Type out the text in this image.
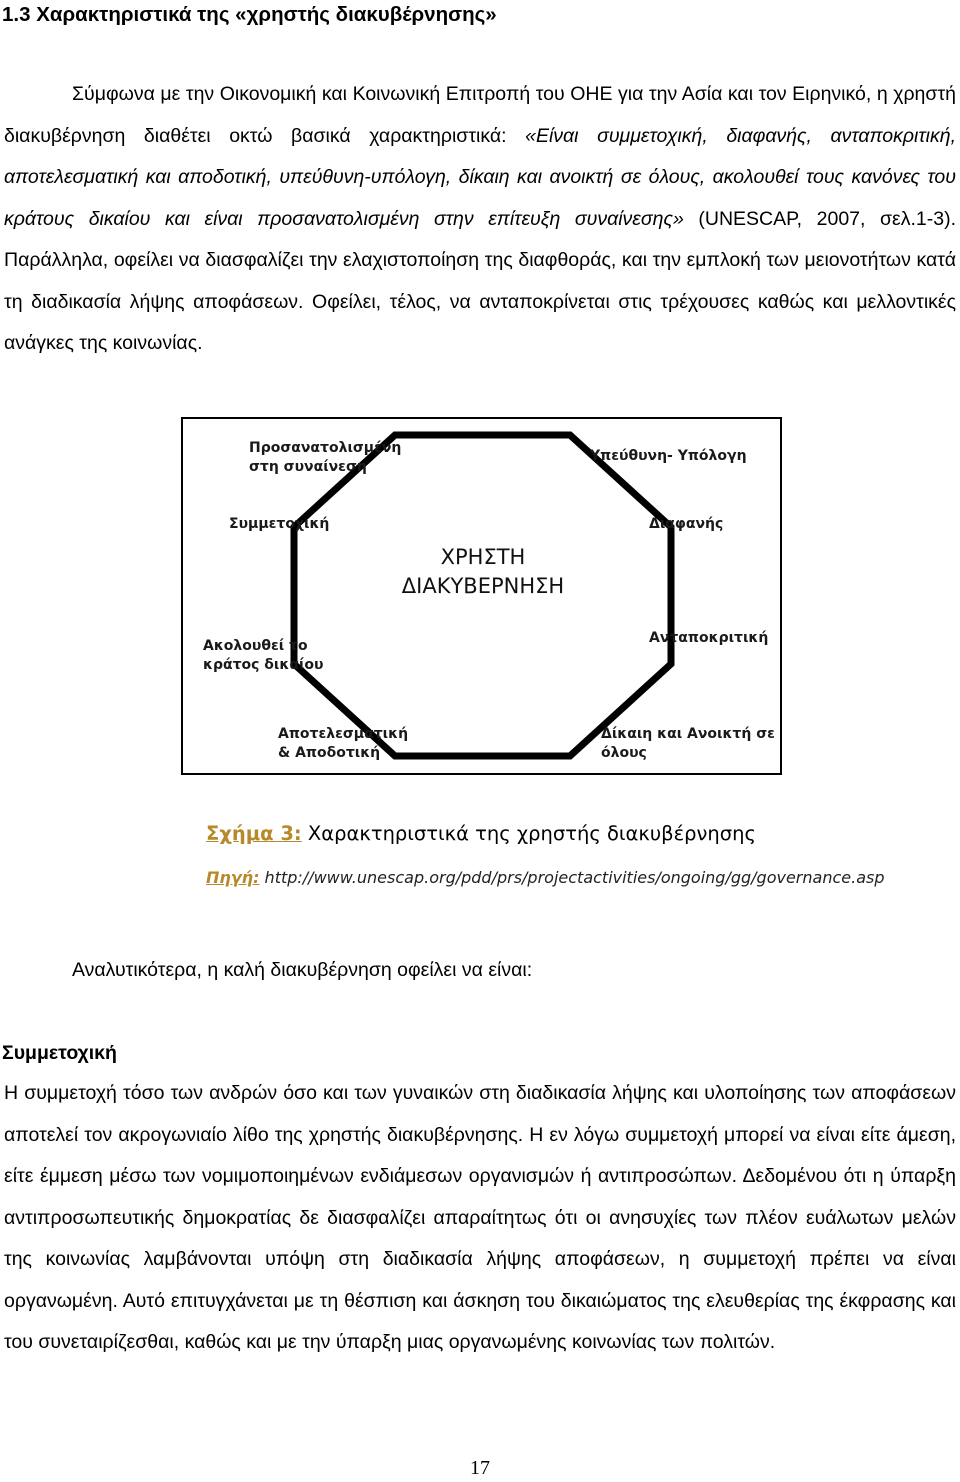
1.3 Χαρακτηριστικά της «χρηστής διακυβέρνησης»

Σύμφωνα με την Οικονομική και Κοινωνική Επιτροπή του ΟΗΕ για την Ασία και τον Ειρηνικό, η χρηστή διακυβέρνηση διαθέτει οκτώ βασικά χαρακτηριστικά: «Είναι συμμετοχική, διαφανής, ανταποκριτική, αποτελεσματική και αποδοτική, υπεύθυνη-υπόλογη, δίκαιη και ανοικτή σε όλους, ακολουθεί τους κανόνες του κράτους δικαίου και είναι προσανατολισμένη στην επίτευξη συναίνεσης» (UNESCAP, 2007, σελ.1-3). Παράλληλα, οφείλει να διασφαλίζει την ελαχιστοποίηση της διαφθοράς, και την εμπλοκή των μειονοτήτων κατά τη διαδικασία λήψης αποφάσεων. Οφείλει, τέλος, να ανταποκρίνεται στις τρέχουσες καθώς και μελλοντικές ανάγκες της κοινωνίας.

ΧΡΗΣΤΗ
ΔΙΑΚΥΒΕΡΝΗΣΗ
Προσανατολισμένη
στη συναίνεση
Υπεύθυνη- Υπόλογη
Συμμετοχική	Διαφανής
Ακολουθεί το
κράτος δικαίου
Ανταποκριτική
Αποτελεσματική
& Αποδοτική
Δίκαιη και Ανοικτή σε
όλους
Σχήμα 3: Χαρακτηριστικά της χρηστής διακυβέρνησης
Πηγή: http://www.unescap.org/pdd/prs/projectactivities/ongoing/gg/governance.asp

Αναλυτικότερα, η καλή διακυβέρνηση οφείλει να είναι:

Συμμετοχική

Η συμμετοχή τόσο των ανδρών όσο και των γυναικών στη διαδικασία λήψης και υλοποίησης των αποφάσεων αποτελεί τον ακρογωνιαίο λίθο της χρηστής διακυβέρνησης. Η εν λόγω συμμετοχή μπορεί να είναι είτε άμεση, είτε έμμεση μέσω των νομιμοποιημένων ενδιάμεσων οργανισμών ή αντιπροσώπων. Δεδομένου ότι η ύπαρξη αντιπροσωπευτικής δημοκρατίας δε διασφαλίζει απαραίτητως ότι οι ανησυχίες των πλέον ευάλωτων μελών της κοινωνίας λαμβάνονται υπόψη στη διαδικασία λήψης αποφάσεων, η συμμετοχή πρέπει να είναι οργανωμένη. Αυτό επιτυγχάνεται με τη θέσπιση και άσκηση του δικαιώματος της ελευθερίας της έκφρασης και του συνεταιρίζεσθαι, καθώς και με την ύπαρξη μιας οργανωμένης κοινωνίας των πολιτών.

17
